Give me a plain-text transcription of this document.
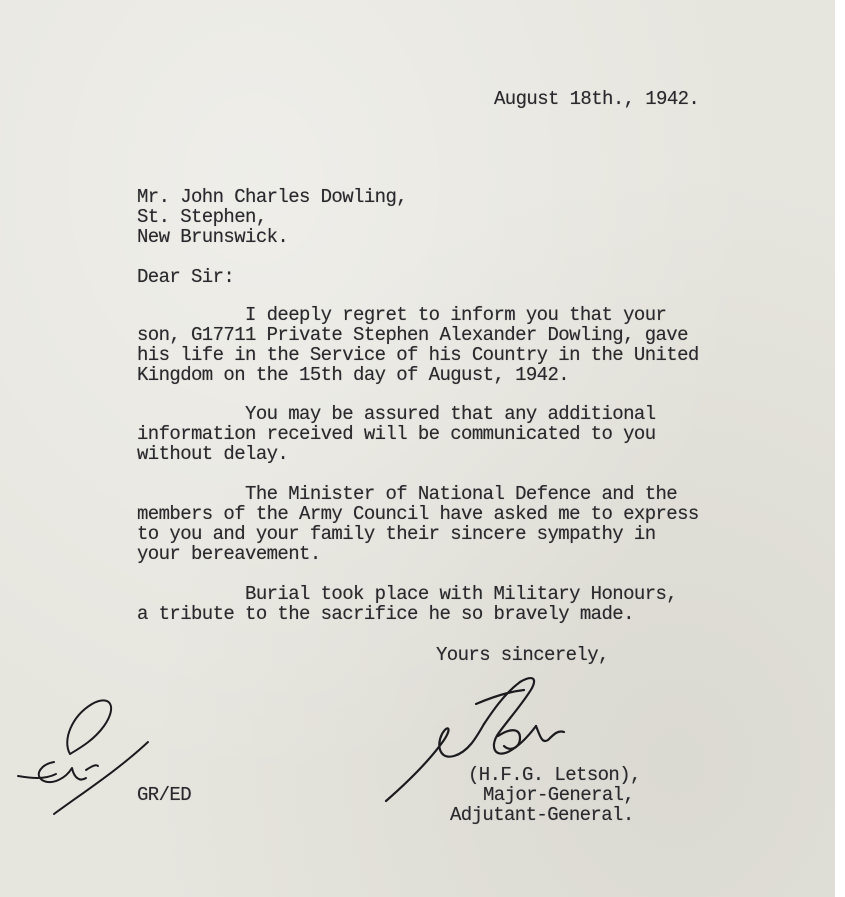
August 18th., 1942.
Mr. John Charles Dowling,
St. Stephen,
New Brunswick.
Dear Sir:
I deeply regret to inform you that your
son, G17711 Private Stephen Alexander Dowling, gave
his life in the Service of his Country in the United
Kingdom on the 15th day of August, 1942.
You may be assured that any additional
information received will be communicated to you
without delay.
The Minister of National Defence and the
members of the Army Council have asked me to express
to you and your family their sincere sympathy in
your bereavement.
Burial took place with Military Honours,
a tribute to the sacrifice he so bravely made.
Yours sincerely,
(H.F.G. Letson),
Major-General,
Adjutant-General.
GR/ED
